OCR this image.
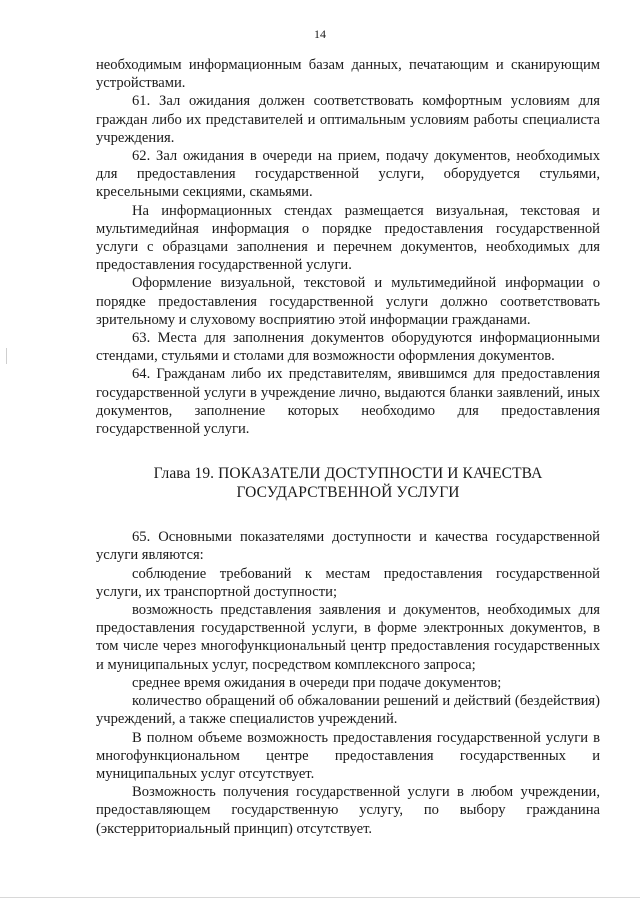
14

необходимым информационным базам данных, печатающим и сканирующим устройствами.

61. Зал ожидания должен соответствовать комфортным условиям для граждан либо их представителей и оптимальным условиям работы специалиста учреждения.

62. Зал ожидания в очереди на прием, подачу документов, необходимых для предоставления государственной услуги, оборудуется стульями, кресельными секциями, скамьями.

На информационных стендах размещается визуальная, текстовая и мультимедийная информация о порядке предоставления государственной услуги с образцами заполнения и перечнем документов, необходимых для предоставления государственной услуги.

Оформление визуальной, текстовой и мультимедийной информации о порядке предоставления государственной услуги должно соответствовать зрительному и слуховому восприятию этой информации гражданами.

63. Места для заполнения документов оборудуются информационными стендами, стульями и столами для возможности оформления документов.

64. Гражданам либо их представителям, явившимся для предоставления государственной услуги в учреждение лично, выдаются бланки заявлений, иных документов, заполнение которых необходимо для предоставления государственной услуги.

Глава 19. ПОКАЗАТЕЛИ ДОСТУПНОСТИ И КАЧЕСТВА
ГОСУДАРСТВЕННОЙ УСЛУГИ

65. Основными показателями доступности и качества государственной услуги являются:

соблюдение требований к местам предоставления государственной услуги, их транспортной доступности;

возможность представления заявления и документов, необходимых для предоставления государственной услуги, в форме электронных документов, в том числе через многофункциональный центр предоставления государственных и муниципальных услуг, посредством комплексного запроса;

среднее время ожидания в очереди при подаче документов;

количество обращений об обжаловании решений и действий (бездействия) учреждений, а также специалистов учреждений.

В полном объеме возможность предоставления государственной услуги в многофункциональном центре предоставления государственных и муниципальных услуг отсутствует.

Возможность получения государственной услуги в любом учреждении, предоставляющем государственную услугу, по выбору гражданина (экстерриториальный принцип) отсутствует.
